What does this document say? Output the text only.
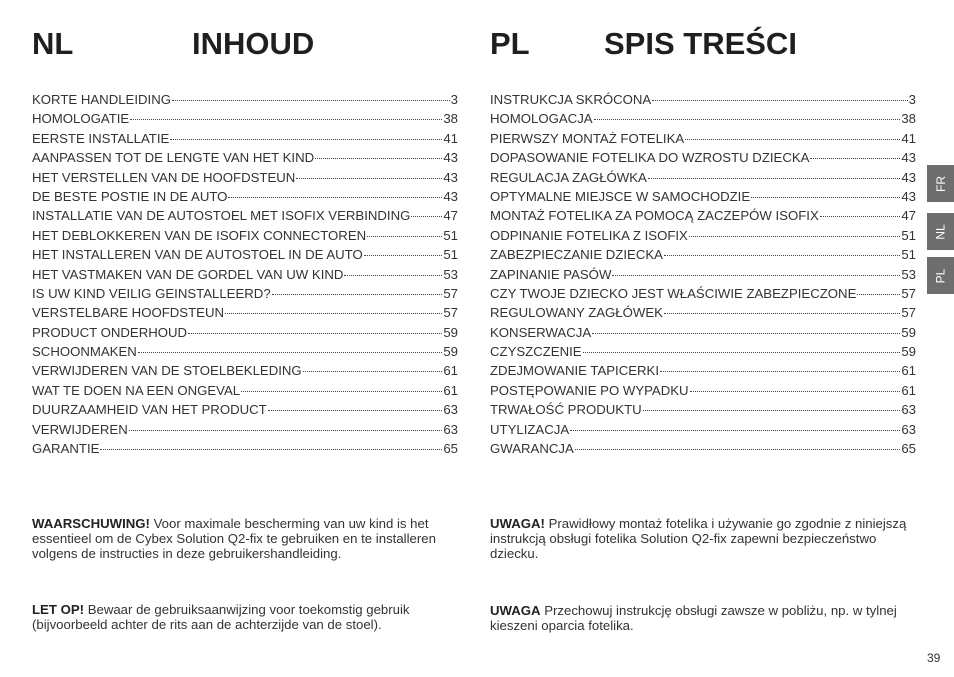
NL	INHOUD
KORTE HANDLEIDING	3
HOMOLOGATIE	38
EERSTE INSTALLATIE	41
AANPASSEN TOT DE LENGTE VAN HET KIND	43
HET VERSTELLEN VAN DE HOOFDSTEUN	43
DE BESTE POSTIE IN DE AUTO	43
INSTALLATIE VAN DE AUTOSTOEL MET ISOFIX VERBINDING 47
HET DEBLOKKEREN VAN DE ISOFIX CONNECTOREN	51
HET INSTALLEREN VAN DE AUTOSTOEL IN DE AUTO	51
HET VASTMAKEN VAN DE GORDEL VAN UW KIND	53
IS UW KIND VEILIG GEINSTALLEERD?	57
VERSTELBARE HOOFDSTEUN	57
PRODUCT ONDERHOUD	59
SCHOONMAKEN	59
VERWIJDEREN VAN DE STOELBEKLEDING	61
WAT TE DOEN NA EEN ONGEVAL	61
DUURZAAMHEID VAN HET PRODUCT	63
VERWIJDEREN	63
GARANTIE	65
WAARSCHUWING! Voor maximale bescherming van uw kind is het essentieel om de Cybex Solution Q2-fix te gebruiken en te installeren volgens de instructies in deze gebruikershandleiding.
LET OP! Bewaar de gebruiksaanwijzing voor toekomstig gebruik (bijvoorbeeld achter de rits aan de achterzijde van de stoel).
PL SPIS TREŚCI
INSTRUKCJA SKRÓCONA	3
HOMOLOGACJA	38
PIERWSZY MONTAŻ FOTELIKA	41
DOPASOWANIE FOTELIKA DO WZROSTU DZIECKA	43
REGULACJA ZAGŁÓWKA	43
OPTYMALNE MIEJSCE W SAMOCHODZIE	43
MONTAŻ FOTELIKA ZA POMOCĄ ZACZEPÓW ISOFIX	47
ODPINANIE FOTELIKA Z ISOFIX	51
ZABEZPIECZANIE DZIECKA	51
ZAPINANIE PASÓW	53
CZY TWOJE DZIECKO JEST WŁAŚCIWIE ZABEZPIECZONE	57
REGULOWANY ZAGŁÓWEK	57
KONSERWACJA	59
CZYSZCZENIE	59
ZDEJMOWANIE TAPICERKI	61
POSTĘPOWANIE PO WYPADKU	61
TRWAŁOŚĆ PRODUKTU	63
UTYLIZACJA	63
GWARANCJA	65
UWAGA! Prawidłowy montaż fotelika i używanie go zgodnie z niniejszą instrukcją obsługi fotelika Solution Q2-fix zapewni bezpieczeństwo dziecku.
UWAGA Przechowuj instrukcję obsługi zawsze w pobliżu, np. w tylnej kieszeni oparcia fotelika.
FR
NL
PL
39
